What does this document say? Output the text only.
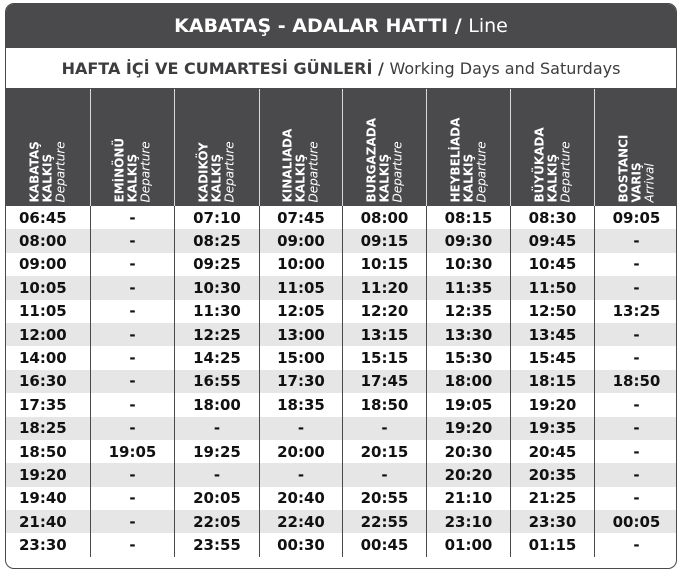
KABATAŞ - ADALAR HATTI / Line
HAFTA İÇİ VE CUMARTESİ GÜNLERİ / Working Days and Saturdays
KABATAŞ KALKIŞ Departure	EMİNÖNÜ KALKIŞ Departure	KADIKÖY KALKIŞ Departure	KINALIADA KALKIŞ Departure	BURGAZADA KALKIŞ Departure	HEYBELİADA KALKIŞ Departure	BÜYÜKADA KALKIŞ Departure	BOSTANCI VARIŞ Arrival
06:45	-	07:10	07:45	08:00	08:15	08:30	09:05
08:00	-	08:25	09:00	09:15	09:30	09:45	-
09:00	-	09:25	10:00	10:15	10:30	10:45	-
10:05	-	10:30	11:05	11:20	11:35	11:50	-
11:05	-	11:30	12:05	12:20	12:35	12:50	13:25
12:00	-	12:25	13:00	13:15	13:30	13:45	-
14:00	-	14:25	15:00	15:15	15:30	15:45	-
16:30	-	16:55	17:30	17:45	18:00	18:15	18:50
17:35	-	18:00	18:35	18:50	19:05	19:20	-
18:25	-	-	-	-	19:20	19:35	-
18:50	19:05	19:25	20:00	20:15	20:30	20:45	-
19:20	-	-	-	-	20:20	20:35	-
19:40	-	20:05	20:40	20:55	21:10	21:25	-
21:40	-	22:05	22:40	22:55	23:10	23:30	00:05
23:30	-	23:55	00:30	00:45	01:00	01:15	-
